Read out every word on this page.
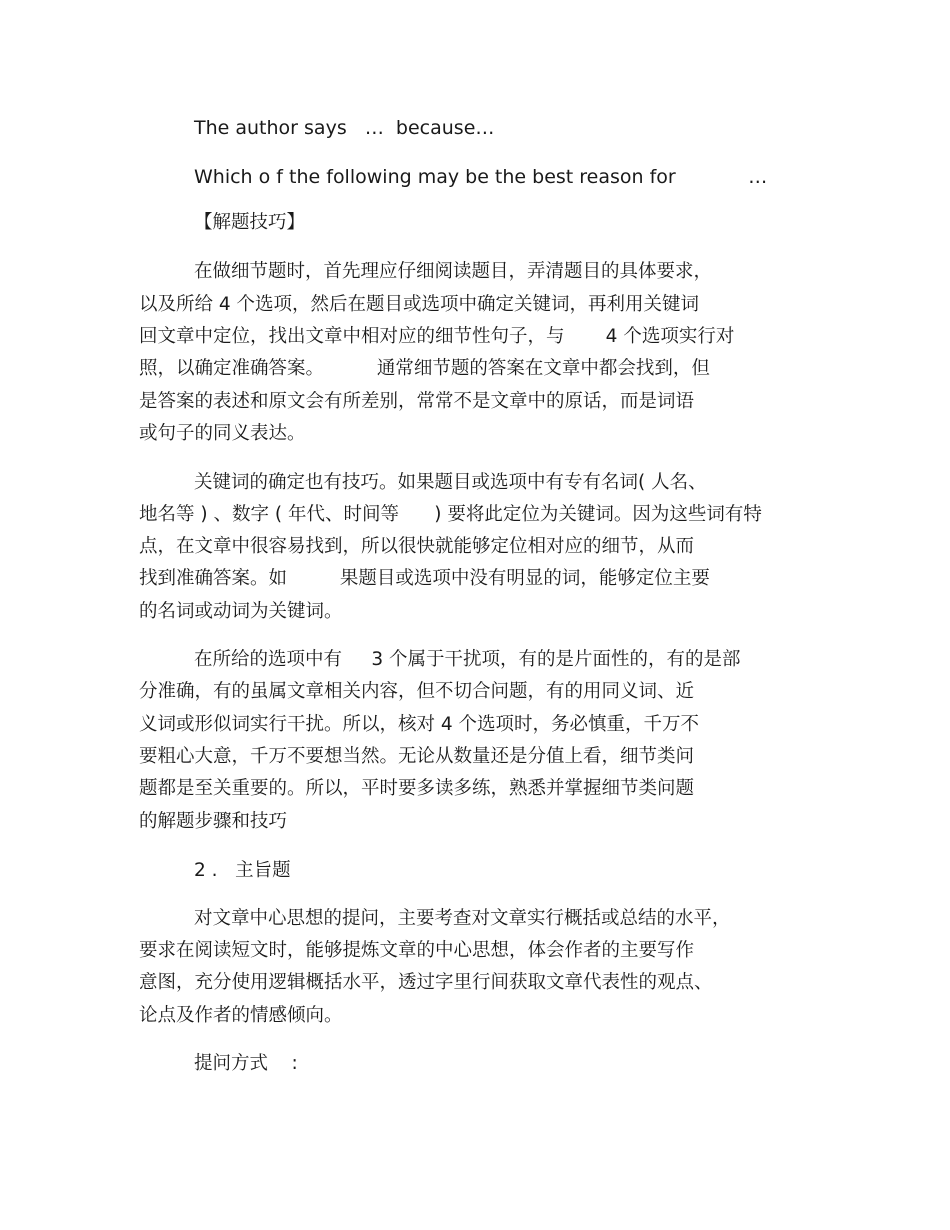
The author says   …  because…

Which o f the following may be the best reason for            …

【解题技巧】

在做细节题时，首先理应仔细阅读题目，弄清题目的具体要求，

以及所给 4 个选项，然后在题目或选项中确定关键词，再利用关键词

回文章中定位，找出文章中相对应的细节性句子，与       4 个选项实行对

照，以确定准确答案。         通常细节题的答案在文章中都会找到，但

是答案的表述和原文会有所差别，常常不是文章中的原话，而是词语

或句子的同义表达。

关键词的确定也有技巧。如果题目或选项中有专有名词( 人名、

地名等 ) 、数字 ( 年代、时间等      ) 要将此定位为关键词。因为这些词有特

点，在文章中很容易找到，所以很快就能够定位相对应的细节，从而

找到准确答案。如         果题目或选项中没有明显的词，能够定位主要

的名词或动词为关键词。

在所给的选项中有     3 个属于干扰项，有的是片面性的，有的是部

分准确，有的虽属文章相关内容，但不切合问题，有的用同义词、近

义词或形似词实行干扰。所以，核对 4 个选项时，务必慎重，千万不

要粗心大意，千万不要想当然。无论从数量还是分值上看，细节类问

题都是至关重要的。所以，平时要多读多练，熟悉并掌握细节类问题

的解题步骤和技巧

2 .   主旨题

对文章中心思想的提问，主要考查对文章实行概括或总结的水平，

要求在阅读短文时，能够提炼文章的中心思想，体会作者的主要写作

意图，充分使用逻辑概括水平，透过字里行间获取文章代表性的观点、

论点及作者的情感倾向。

提问方式    :
